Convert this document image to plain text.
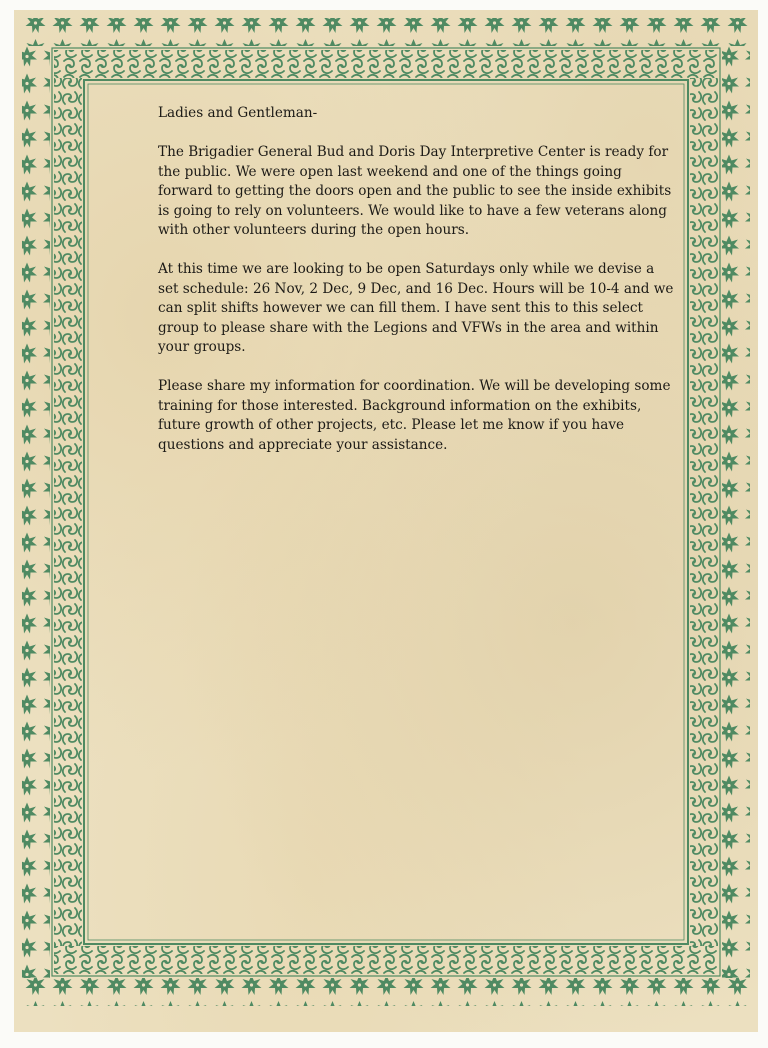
Ladies and Gentleman-

The Brigadier General Bud and Doris Day Interpretive Center is ready for the public. We were open last weekend and one of the things going forward to getting the doors open and the public to see the inside exhibits is going to rely on volunteers. We would like to have a few veterans along with other volunteers during the open hours.

At this time we are looking to be open Saturdays only while we devise a set schedule: 26 Nov, 2 Dec, 9 Dec, and 16 Dec. Hours will be 10-4 and we can split shifts however we can fill them. I have sent this to this select group to please share with the Legions and VFWs in the area and within your groups.

Please share my information for coordination. We will be developing some training for those interested. Background information on the exhibits, future growth of other projects, etc. Please let me know if you have questions and appreciate your assistance.
